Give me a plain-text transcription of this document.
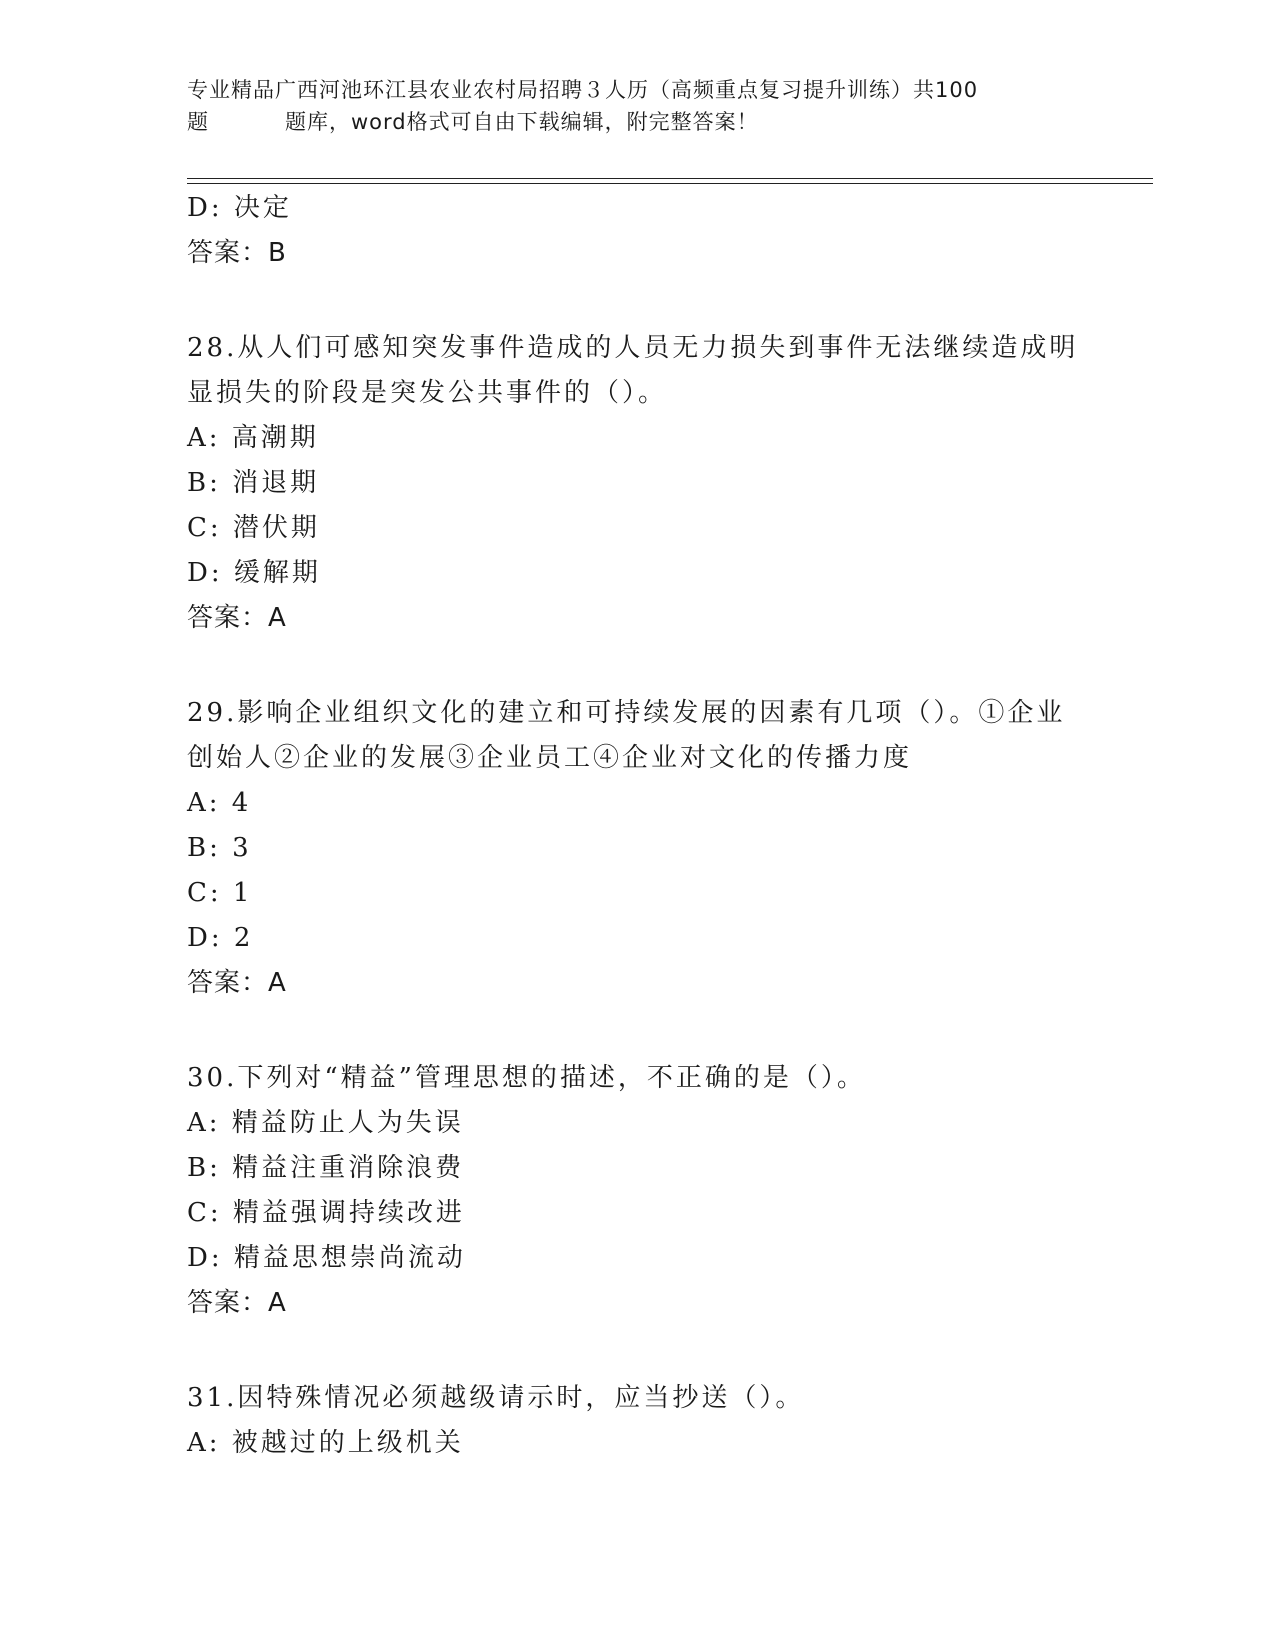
专业精品广西河池环江县农业农村局招聘３人历（高频重点复习提升训练）共100
题	题库，word格式可自由下载编辑，附完整答案！
D: 决定
答案：B
28.从人们可感知突发事件造成的人员无力损失到事件无法继续造成明
显损失的阶段是突发公共事件的（）。
A: 高潮期
B: 消退期
C: 潜伏期
D: 缓解期
答案：A
29.影响企业组织文化的建立和可持续发展的因素有几项（）。①企业
创始人②企业的发展③企业员工④企业对文化的传播力度
A: 4
B: 3
C: 1
D: 2
答案：A
30.下列对“精益”管理思想的描述，不正确的是（）。
A: 精益防止人为失误
B: 精益注重消除浪费
C: 精益强调持续改进
D: 精益思想崇尚流动
答案：A
31.因特殊情况必须越级请示时，应当抄送（）。
A: 被越过的上级机关
